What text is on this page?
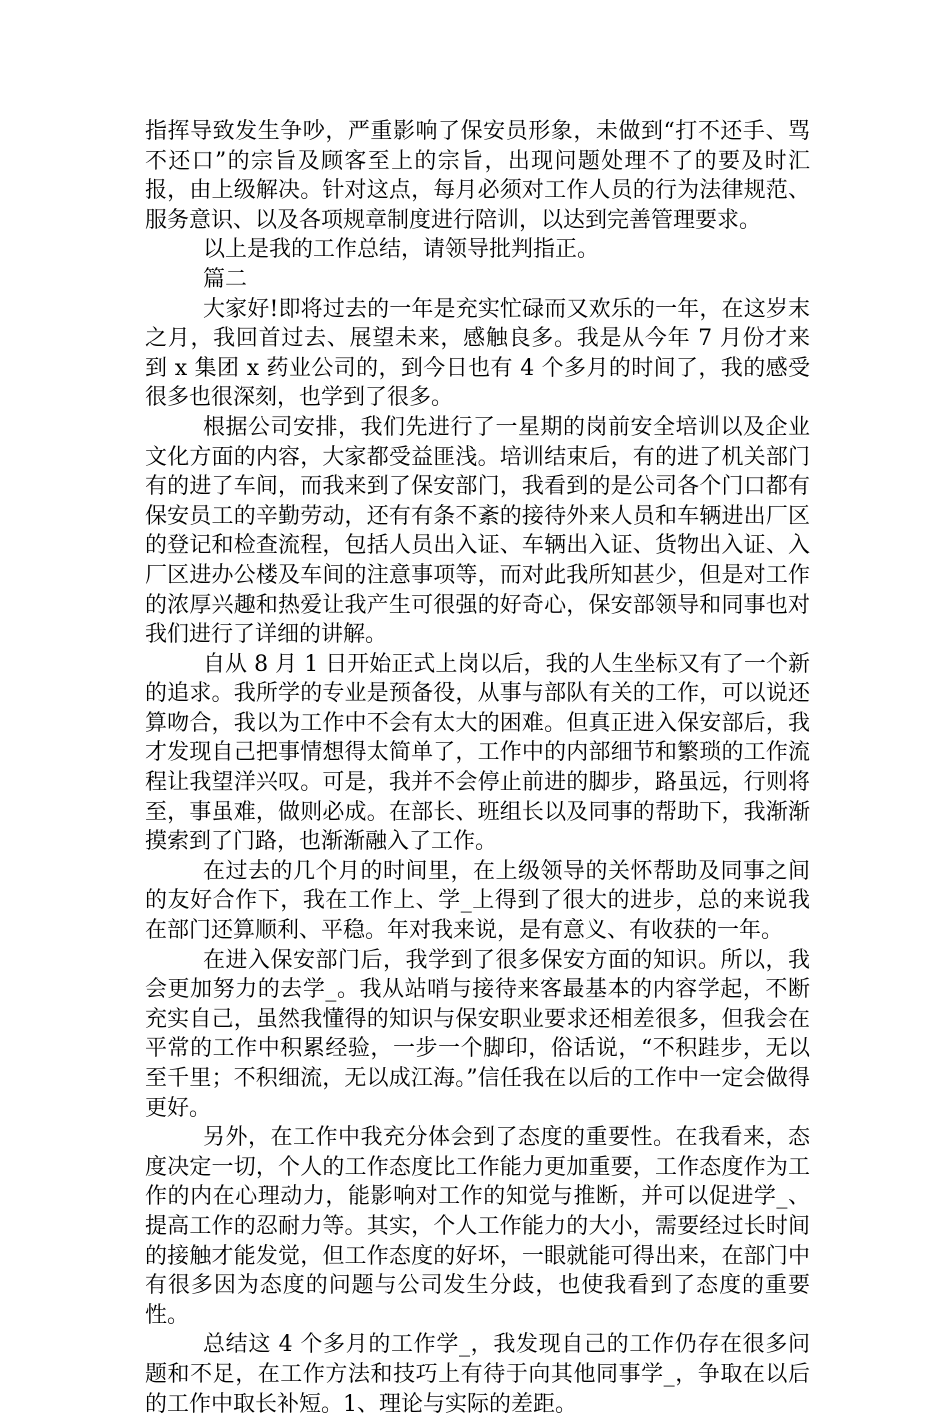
指挥导致发生争吵，严重影响了保安员形象，未做到“打不还手、骂不还口”的宗旨及顾客至上的宗旨，出现问题处理不了的要及时汇报，由上级解决。针对这点，每月必须对工作人员的行为法律规范、服务意识、以及各项规章制度进行陪训，以达到完善管理要求。

以上是我的工作总结，请领导批判指正。

篇二

大家好!即将过去的一年是充实忙碌而又欢乐的一年，在这岁末之月，我回首过去、展望未来，感触良多。我是从今年 7 月份才来到 x 集团 x 药业公司的，到今日也有 4 个多月的时间了，我的感受很多也很深刻，也学到了很多。

根据公司安排，我们先进行了一星期的岗前安全培训以及企业文化方面的内容，大家都受益匪浅。培训结束后，有的进了机关部门有的进了车间，而我来到了保安部门，我看到的是公司各个门口都有保安员工的辛勤劳动，还有有条不紊的接待外来人员和车辆进出厂区的登记和检查流程，包括人员出入证、车辆出入证、货物出入证、入厂区进办公楼及车间的注意事项等，而对此我所知甚少，但是对工作的浓厚兴趣和热爱让我产生可很强的好奇心，保安部领导和同事也对我们进行了详细的讲解。

自从 8 月 1 日开始正式上岗以后，我的人生坐标又有了一个新的追求。我所学的专业是预备役，从事与部队有关的工作，可以说还算吻合，我以为工作中不会有太大的困难。但真正进入保安部后，我才发现自己把事情想得太简单了，工作中的内部细节和繁琐的工作流程让我望洋兴叹。可是，我并不会停止前进的脚步，路虽远，行则将至，事虽难，做则必成。在部长、班组长以及同事的帮助下，我渐渐摸索到了门路，也渐渐融入了工作。

在过去的几个月的时间里，在上级领导的关怀帮助及同事之间的友好合作下，我在工作上、学_上得到了很大的进步，总的来说我在部门还算顺利、平稳。年对我来说，是有意义、有收获的一年。

在进入保安部门后，我学到了很多保安方面的知识。所以，我会更加努力的去学_。我从站哨与接待来客最基本的内容学起，不断充实自己，虽然我懂得的知识与保安职业要求还相差很多，但我会在平常的工作中积累经验，一步一个脚印，俗话说，“不积跬步，无以至千里；不积细流，无以成江海。”信任我在以后的工作中一定会做得更好。

另外，在工作中我充分体会到了态度的重要性。在我看来，态度决定一切，个人的工作态度比工作能力更加重要，工作态度作为工作的内在心理动力，能影响对工作的知觉与推断，并可以促进学_、提高工作的忍耐力等。其实，个人工作能力的大小，需要经过长时间的接触才能发觉，但工作态度的好坏，一眼就能可得出来，在部门中有很多因为态度的问题与公司发生分歧，也使我看到了态度的重要性。

总结这 4 个多月的工作学_，我发现自己的工作仍存在很多问题和不足，在工作方法和技巧上有待于向其他同事学_，争取在以后的工作中取长补短。1、理论与实际的差距。
